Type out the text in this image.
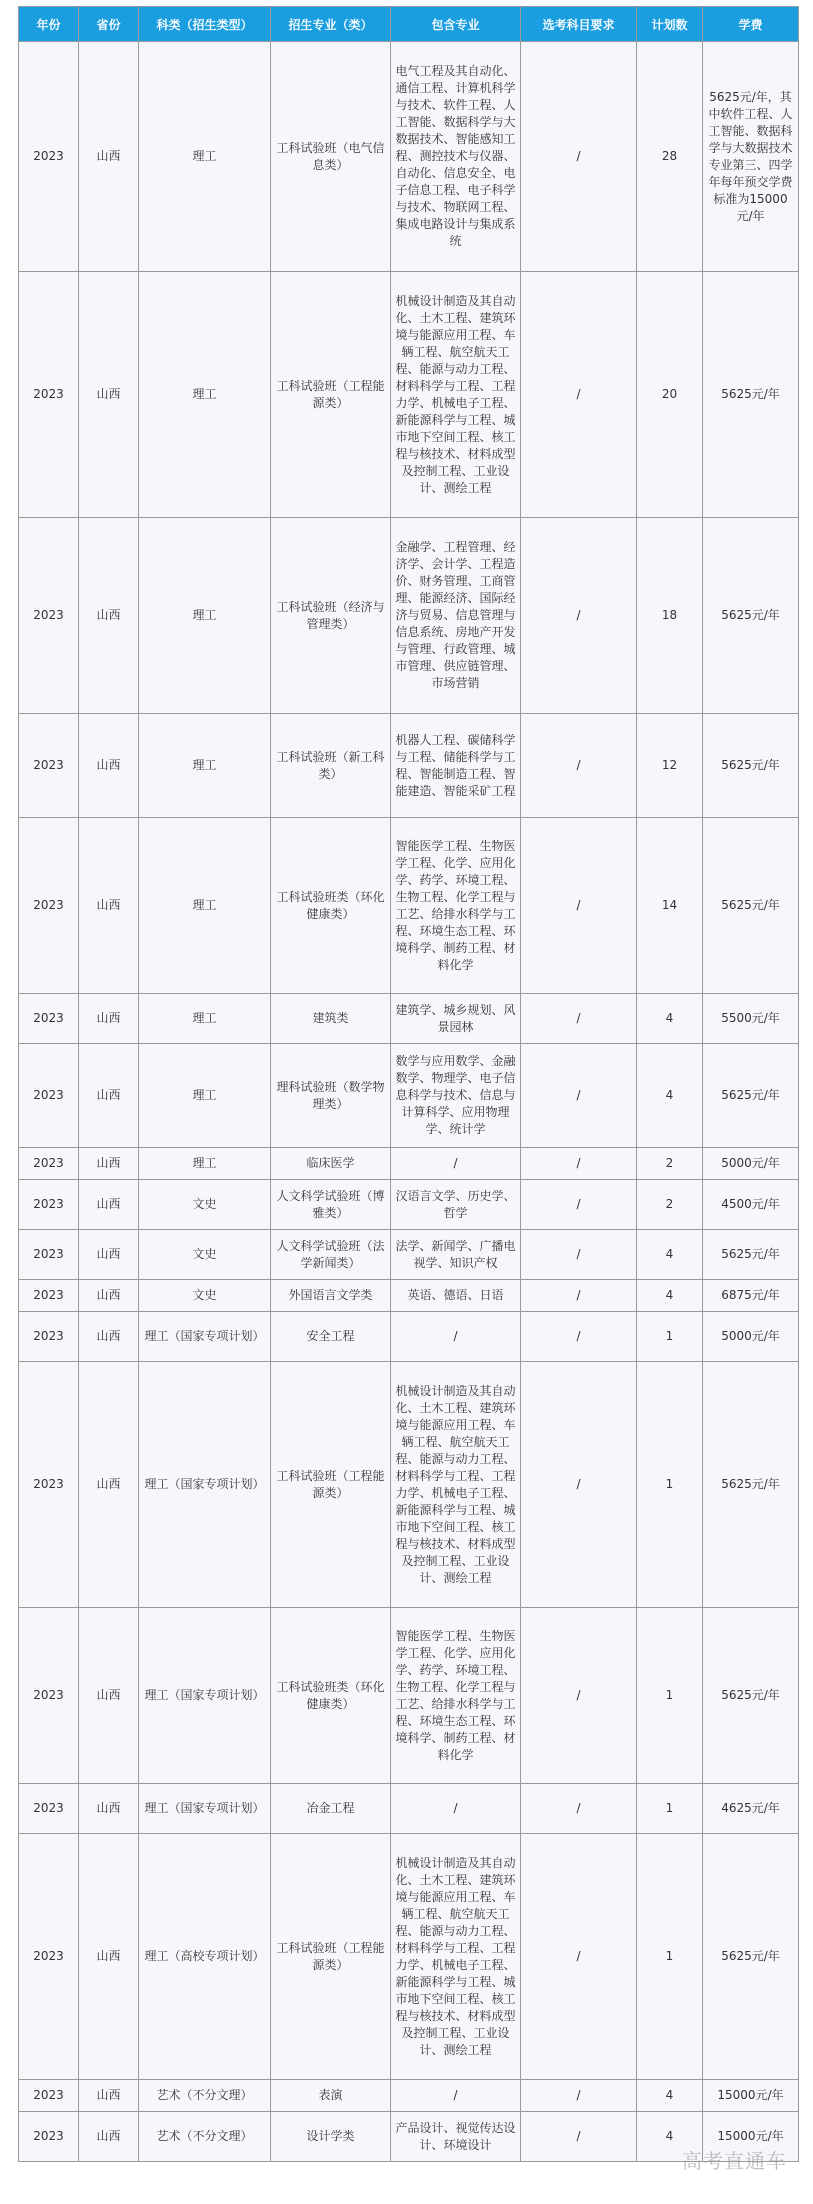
年份	省份	科类（招生类型）	招生专业（类）	包含专业	选考科目要求	计划数	学费
2023	山西	理工	工科试验班（电气信息类）	电气工程及其自动化、通信工程、计算机科学与技术、软件工程、人工智能、数据科学与大数据技术、智能感知工程、测控技术与仪器、自动化、信息安全、电子信息工程、电子科学与技术、物联网工程、集成电路设计与集成系统	/	28	5625元/年，其中软件工程、人工智能、数据科学与大数据技术专业第三、四学年每年预交学费标准为15000元/年
2023	山西	理工	工科试验班（工程能源类）	机械设计制造及其自动化、土木工程、建筑环境与能源应用工程、车辆工程、航空航天工程、能源与动力工程、材料科学与工程、工程力学、机械电子工程、新能源科学与工程、城市地下空间工程、核工程与核技术、材料成型及控制工程、工业设计、测绘工程	/	20	5625元/年
2023	山西	理工	工科试验班（经济与管理类）	金融学、工程管理、经济学、会计学、工程造价、财务管理、工商管理、能源经济、国际经济与贸易、信息管理与信息系统、房地产开发与管理、行政管理、城市管理、供应链管理、市场营销	/	18	5625元/年
2023	山西	理工	工科试验班（新工科类）	机器人工程、碳储科学与工程、储能科学与工程、智能制造工程、智能建造、智能采矿工程	/	12	5625元/年
2023	山西	理工	工科试验班类（环化健康类）	智能医学工程、生物医学工程、化学、应用化学、药学、环境工程、生物工程、化学工程与工艺、给排水科学与工程、环境生态工程、环境科学、制药工程、材料化学	/	14	5625元/年
2023	山西	理工	建筑类	建筑学、城乡规划、风景园林	/	4	5500元/年
2023	山西	理工	理科试验班（数学物理类）	数学与应用数学、金融数学、物理学、电子信息科学与技术、信息与计算科学、应用物理学、统计学	/	4	5625元/年
2023	山西	理工	临床医学	/	/	2	5000元/年
2023	山西	文史	人文科学试验班（博雅类）	汉语言文学、历史学、哲学	/	2	4500元/年
2023	山西	文史	人文科学试验班（法学新闻类）	法学、新闻学、广播电视学、知识产权	/	4	5625元/年
2023	山西	文史	外国语言文学类	英语、德语、日语	/	4	6875元/年
2023	山西	理工（国家专项计划）	安全工程	/	/	1	5000元/年
2023	山西	理工（国家专项计划）	工科试验班（工程能源类）	机械设计制造及其自动化、土木工程、建筑环境与能源应用工程、车辆工程、航空航天工程、能源与动力工程、材料科学与工程、工程力学、机械电子工程、新能源科学与工程、城市地下空间工程、核工程与核技术、材料成型及控制工程、工业设计、测绘工程	/	1	5625元/年
2023	山西	理工（国家专项计划）	工科试验班类（环化健康类）	智能医学工程、生物医学工程、化学、应用化学、药学、环境工程、生物工程、化学工程与工艺、给排水科学与工程、环境生态工程、环境科学、制药工程、材料化学	/	1	5625元/年
2023	山西	理工（国家专项计划）	冶金工程	/	/	1	4625元/年
2023	山西	理工（高校专项计划）	工科试验班（工程能源类）	机械设计制造及其自动化、土木工程、建筑环境与能源应用工程、车辆工程、航空航天工程、能源与动力工程、材料科学与工程、工程力学、机械电子工程、新能源科学与工程、城市地下空间工程、核工程与核技术、材料成型及控制工程、工业设计、测绘工程	/	1	5625元/年
2023	山西	艺术（不分文理）	表演	/	/	4	15000元/年
2023	山西	艺术（不分文理）	设计学类	产品设计、视觉传达设计、环境设计	/	4	15000元/年
高考直通车
